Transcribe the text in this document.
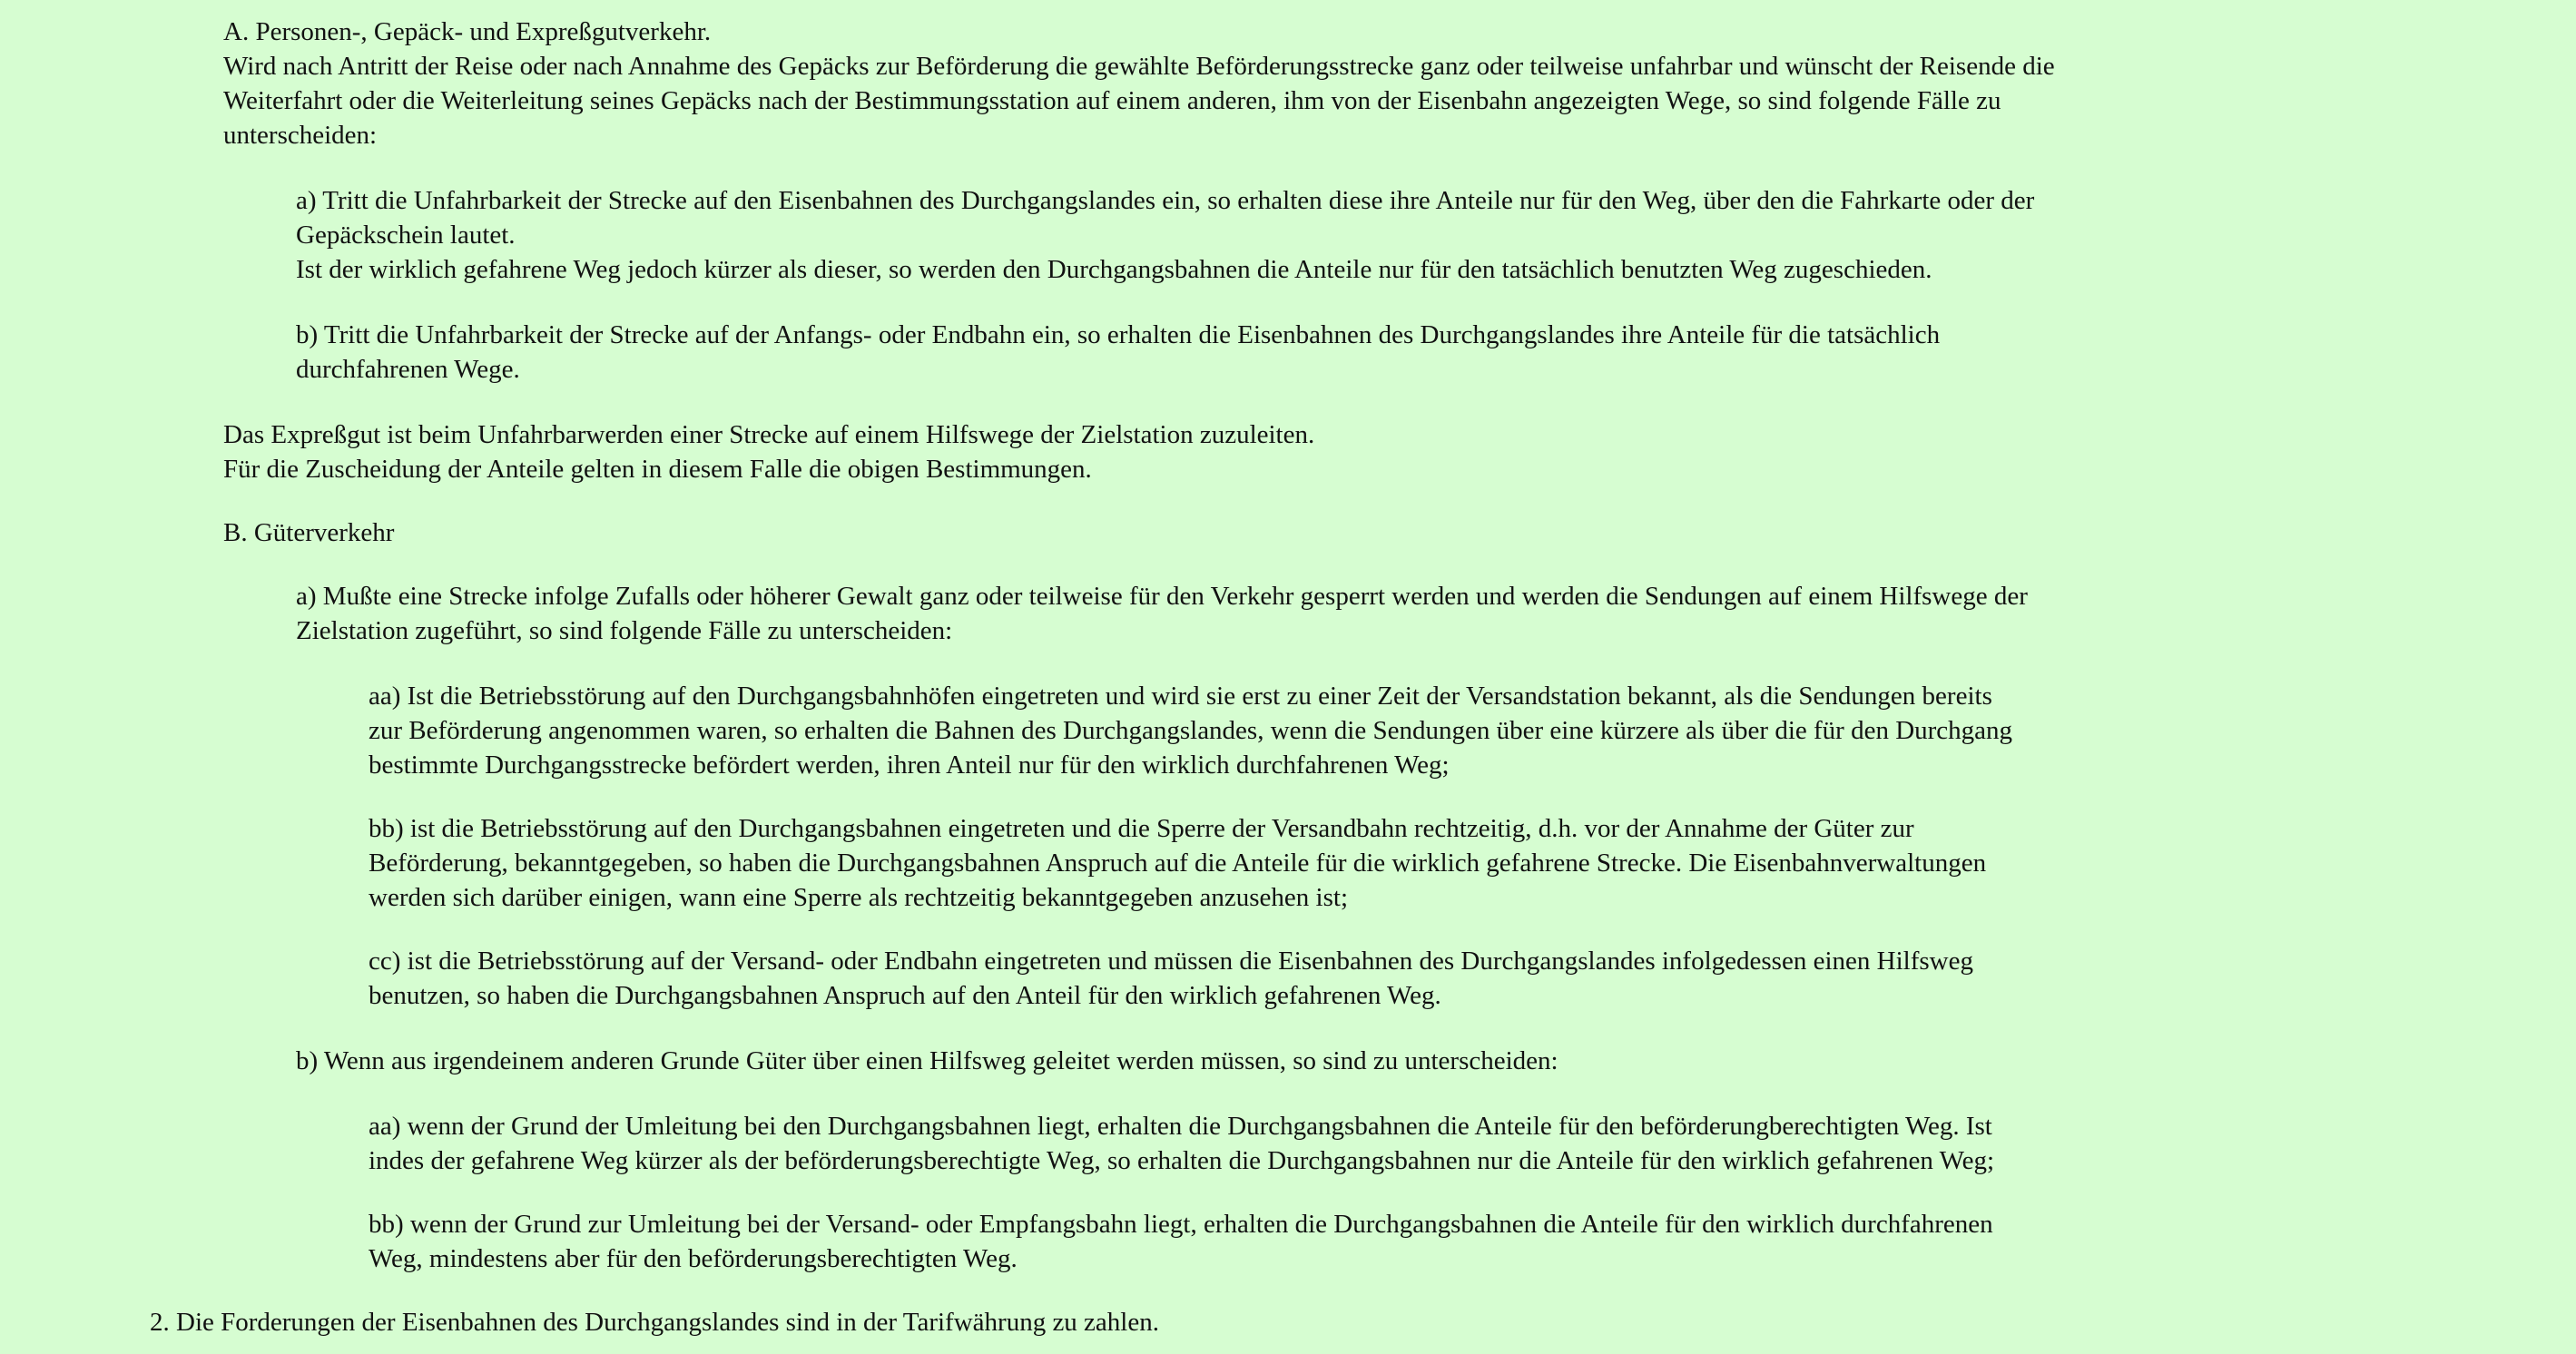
A. Personen-, Gepäck- und Expreßgutverkehr.
Wird nach Antritt der Reise oder nach Annahme des Gepäcks zur Beförderung die gewählte Beförderungsstrecke ganz oder teilweise unfahrbar und wünscht der Reisende die
Weiterfahrt oder die Weiterleitung seines Gepäcks nach der Bestimmungsstation auf einem anderen, ihm von der Eisenbahn angezeigten Wege, so sind folgende Fälle zu
unterscheiden:
a) Tritt die Unfahrbarkeit der Strecke auf den Eisenbahnen des Durchgangslandes ein, so erhalten diese ihre Anteile nur für den Weg, über den die Fahrkarte oder der
Gepäckschein lautet.
Ist der wirklich gefahrene Weg jedoch kürzer als dieser, so werden den Durchgangsbahnen die Anteile nur für den tatsächlich benutzten Weg zugeschieden.
b) Tritt die Unfahrbarkeit der Strecke auf der Anfangs- oder Endbahn ein, so erhalten die Eisenbahnen des Durchgangslandes ihre Anteile für die tatsächlich
durchfahrenen Wege.
Das Expreßgut ist beim Unfahrbarwerden einer Strecke auf einem Hilfswege der Zielstation zuzuleiten.
Für die Zuscheidung der Anteile gelten in diesem Falle die obigen Bestimmungen.
B. Güterverkehr
a) Mußte eine Strecke infolge Zufalls oder höherer Gewalt ganz oder teilweise für den Verkehr gesperrt werden und werden die Sendungen auf einem Hilfswege der
Zielstation zugeführt, so sind folgende Fälle zu unterscheiden:
aa) Ist die Betriebsstörung auf den Durchgangsbahnhöfen eingetreten und wird sie erst zu einer Zeit der Versandstation bekannt, als die Sendungen bereits
zur Beförderung angenommen waren, so erhalten die Bahnen des Durchgangslandes, wenn die Sendungen über eine kürzere als über die für den Durchgang
bestimmte Durchgangsstrecke befördert werden, ihren Anteil nur für den wirklich durchfahrenen Weg;
bb) ist die Betriebsstörung auf den Durchgangsbahnen eingetreten und die Sperre der Versandbahn rechtzeitig, d.h. vor der Annahme der Güter zur
Beförderung, bekanntgegeben, so haben die Durchgangsbahnen Anspruch auf die Anteile für die wirklich gefahrene Strecke. Die Eisenbahnverwaltungen
werden sich darüber einigen, wann eine Sperre als rechtzeitig bekanntgegeben anzusehen ist;
cc) ist die Betriebsstörung auf der Versand- oder Endbahn eingetreten und müssen die Eisenbahnen des Durchgangslandes infolgedessen einen Hilfsweg
benutzen, so haben die Durchgangsbahnen Anspruch auf den Anteil für den wirklich gefahrenen Weg.
b) Wenn aus irgendeinem anderen Grunde Güter über einen Hilfsweg geleitet werden müssen, so sind zu unterscheiden:
aa) wenn der Grund der Umleitung bei den Durchgangsbahnen liegt, erhalten die Durchgangsbahnen die Anteile für den beförderungberechtigten Weg. Ist
indes der gefahrene Weg kürzer als der beförderungsberechtigte Weg, so erhalten die Durchgangsbahnen nur die Anteile für den wirklich gefahrenen Weg;
bb) wenn der Grund zur Umleitung bei der Versand- oder Empfangsbahn liegt, erhalten die Durchgangsbahnen die Anteile für den wirklich durchfahrenen
Weg, mindestens aber für den beförderungsberechtigten Weg.
2. Die Forderungen der Eisenbahnen des Durchgangslandes sind in der Tarifwährung zu zahlen.
